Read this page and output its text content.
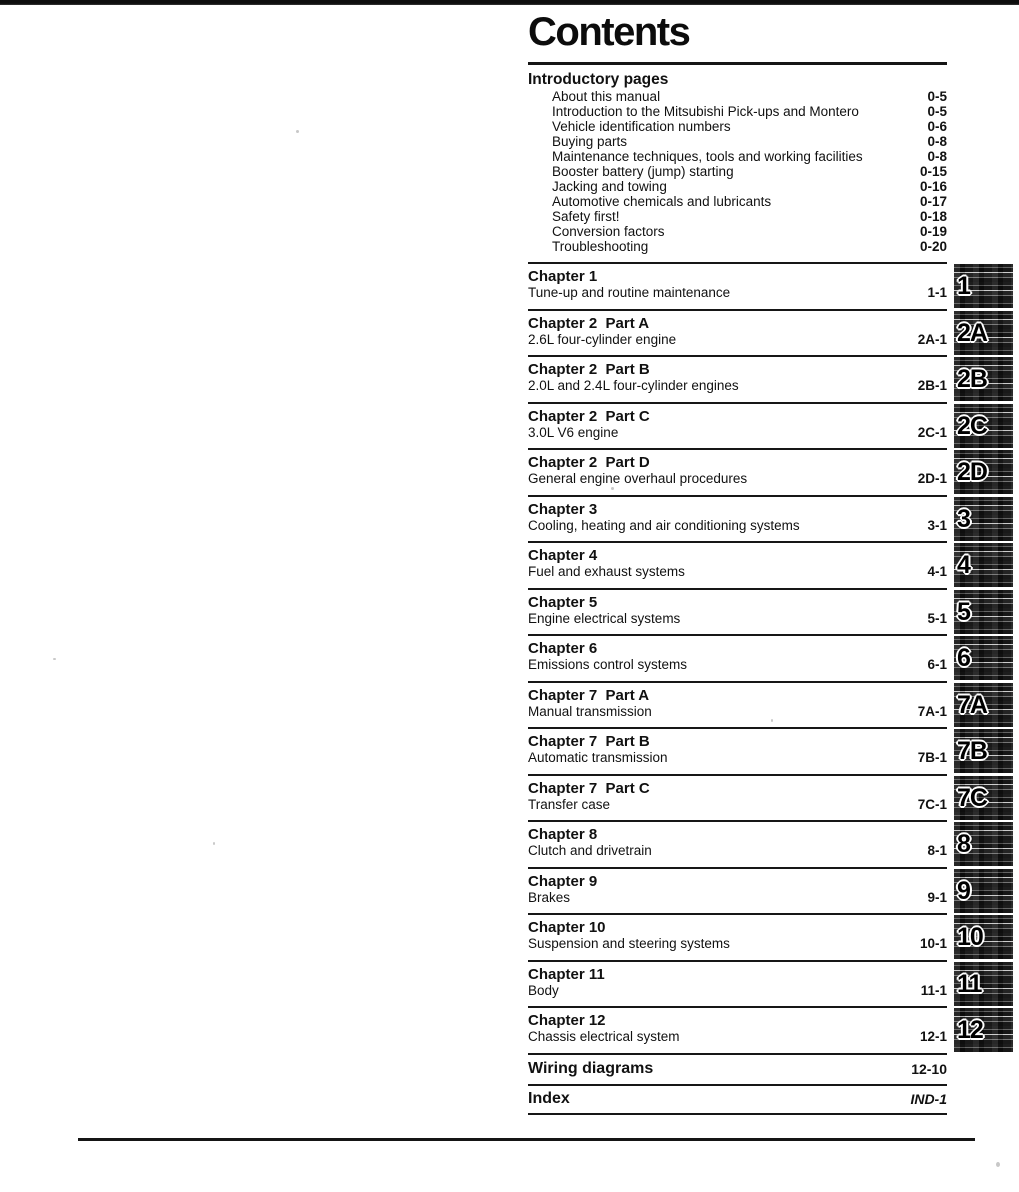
Contents
Introductory pages
About this manual	0-5
Introduction to the Mitsubishi Pick-ups and Montero	0-5
Vehicle identification numbers	0-6
Buying parts	0-8
Maintenance techniques, tools and working facilities	0-8
Booster battery (jump) starting	0-15
Jacking and towing	0-16
Automotive chemicals and lubricants	0-17
Safety first!	0-18
Conversion factors	0-19
Troubleshooting	0-20
Chapter 1
Tune-up and routine maintenance	1-1 1
Chapter 2  Part A
2.6L four-cylinder engine	2A-1 2A
Chapter 2  Part B
2.0L and 2.4L four-cylinder engines	2B-1 2B
Chapter 2  Part C
3.0L V6 engine	2C-1 2C
Chapter 2  Part D
General engine overhaul procedures	2D-1 2D
Chapter 3
Cooling, heating and air conditioning systems	3-1 3
Chapter 4
Fuel and exhaust systems	4-1 4
Chapter 5
Engine electrical systems	5-1 5
Chapter 6
Emissions control systems	6-1 6
Chapter 7  Part A
Manual transmission	7A-1 7A
Chapter 7  Part B
Automatic transmission	7B-1 7B
Chapter 7  Part C
Transfer case	7C-1 7C
Chapter 8
Clutch and drivetrain	8-1 8
Chapter 9
Brakes	9-1 9
Chapter 10
Suspension and steering systems	10-1 10
Chapter 11
Body	11-1 11
Chapter 12
Chassis electrical system	12-1 12
Wiring diagrams	12-10
Index	IND-1
